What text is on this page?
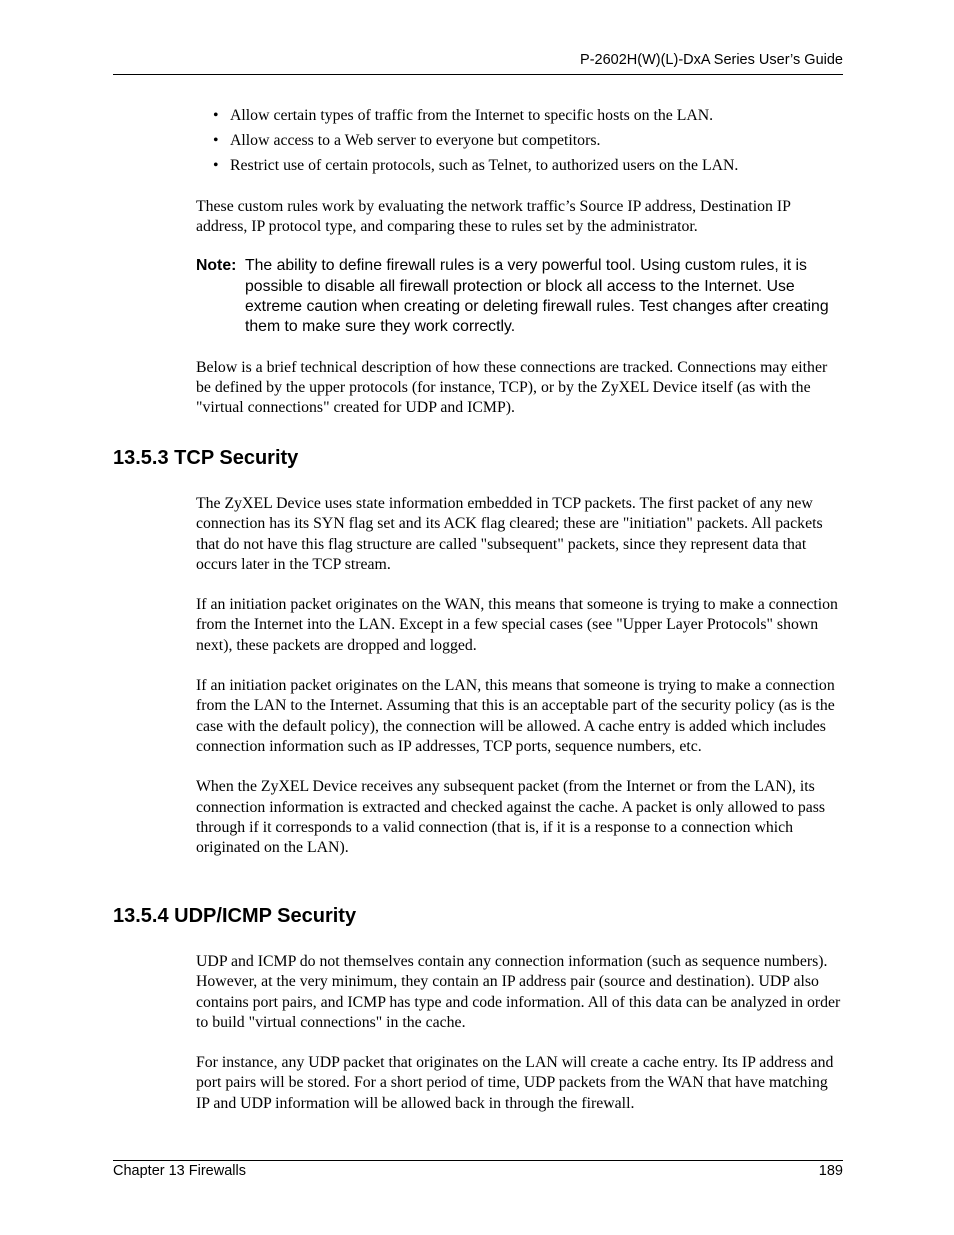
P-2602H(W)(L)-DxA Series User’s Guide
• Allow certain types of traffic from the Internet to specific hosts on the LAN.
• Allow access to a Web server to everyone but competitors.
• Restrict use of certain protocols, such as Telnet, to authorized users on the LAN.

These custom rules work by evaluating the network traffic’s Source IP address, Destination IP address, IP protocol type, and comparing these to rules set by the administrator.

Note: The ability to define firewall rules is a very powerful tool. Using custom rules, it is possible to disable all firewall protection or block all access to the Internet. Use extreme caution when creating or deleting firewall rules. Test changes after creating them to make sure they work correctly.

Below is a brief technical description of how these connections are tracked. Connections may either be defined by the upper protocols (for instance, TCP), or by the ZyXEL Device itself (as with the "virtual connections" created for UDP and ICMP).

13.5.3 TCP Security

The ZyXEL Device uses state information embedded in TCP packets. The first packet of any new connection has its SYN flag set and its ACK flag cleared; these are "initiation" packets. All packets that do not have this flag structure are called "subsequent" packets, since they represent data that occurs later in the TCP stream.

If an initiation packet originates on the WAN, this means that someone is trying to make a connection from the Internet into the LAN. Except in a few special cases (see "Upper Layer Protocols" shown next), these packets are dropped and logged.

If an initiation packet originates on the LAN, this means that someone is trying to make a connection from the LAN to the Internet. Assuming that this is an acceptable part of the security policy (as is the case with the default policy), the connection will be allowed. A cache entry is added which includes connection information such as IP addresses, TCP ports, sequence numbers, etc.

When the ZyXEL Device receives any subsequent packet (from the Internet or from the LAN), its connection information is extracted and checked against the cache. A packet is only allowed to pass through if it corresponds to a valid connection (that is, if it is a response to a connection which originated on the LAN).

13.5.4 UDP/ICMP Security

UDP and ICMP do not themselves contain any connection information (such as sequence numbers). However, at the very minimum, they contain an IP address pair (source and destination). UDP also contains port pairs, and ICMP has type and code information. All of this data can be analyzed in order to build "virtual connections" in the cache.

For instance, any UDP packet that originates on the LAN will create a cache entry. Its IP address and port pairs will be stored. For a short period of time, UDP packets from the WAN that have matching IP and UDP information will be allowed back in through the firewall.

Chapter 13 Firewalls	189
